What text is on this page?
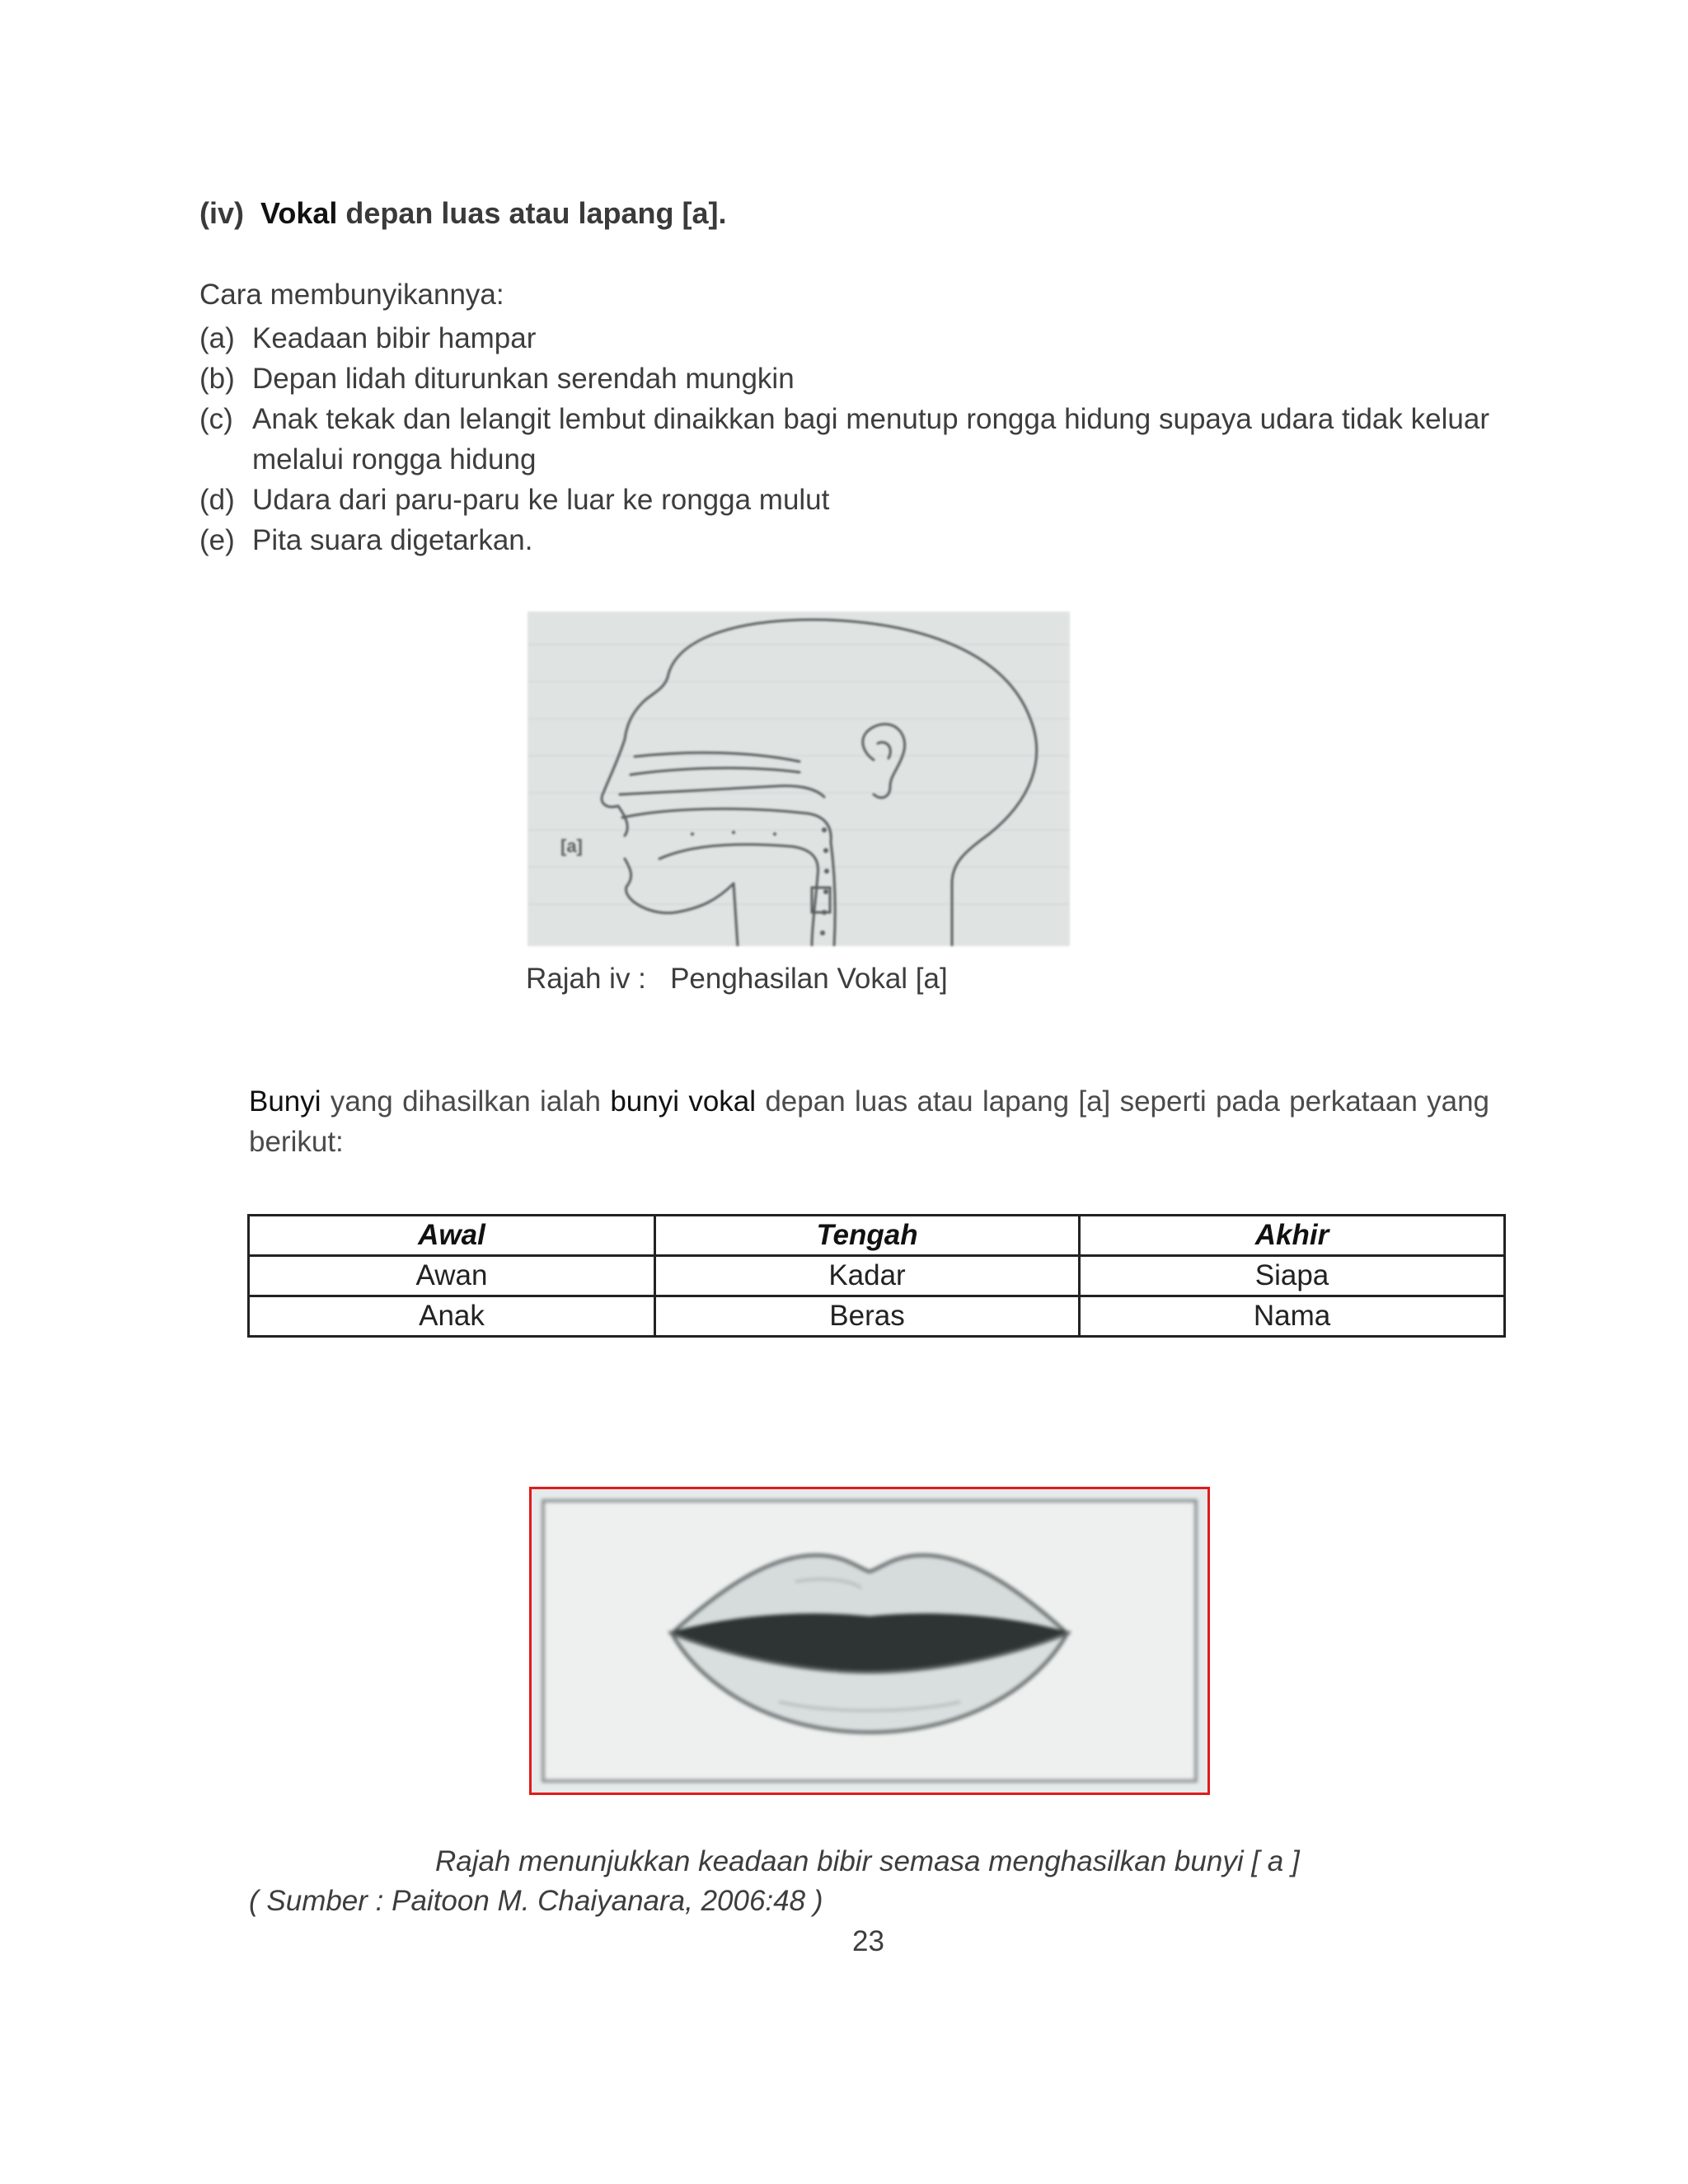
(iv) Vokal depan luas atau lapang [a].
Cara membunyikannya:
(a) Keadaan bibir hampar
(b) Depan lidah diturunkan serendah mungkin
(c) Anak tekak dan lelangit lembut dinaikkan bagi menutup rongga hidung supaya udara tidak keluar melalui rongga hidung
(d) Udara dari paru-paru ke luar ke rongga mulut
(e) Pita suara digetarkan.
[a]
Rajah iv :   Penghasilan Vokal [a]
Bunyi yang dihasilkan ialah bunyi vokal depan luas atau lapang [a] seperti pada perkataan yang berikut:
Awal	Tengah	Akhir
Awan	Kadar	Siapa
Anak	Beras	Nama
Rajah menunjukkan keadaan bibir semasa menghasilkan bunyi [ a ]
( Sumber : Paitoon M. Chaiyanara, 2006:48 )
23
